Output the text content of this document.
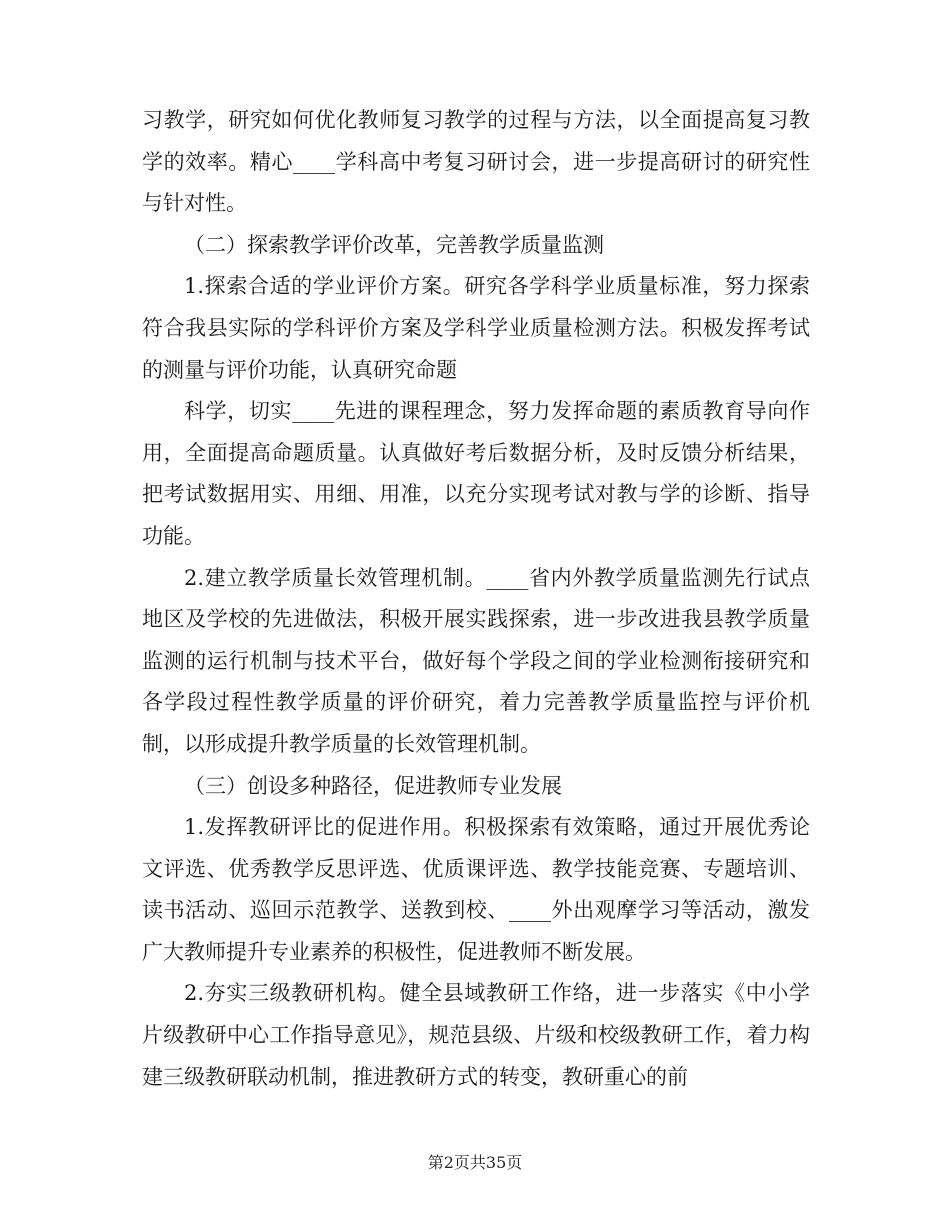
习教学，研究如何优化教师复习教学的过程与方法，以全面提高复习教学的效率。精心____学科高中考复习研讨会，进一步提高研讨的研究性与针对性。

（二）探索教学评价改革，完善教学质量监测

1.探索合适的学业评价方案。研究各学科学业质量标准，努力探索符合我县实际的学科评价方案及学科学业质量检测方法。积极发挥考试的测量与评价功能，认真研究命题

科学，切实____先进的课程理念，努力发挥命题的素质教育导向作用，全面提高命题质量。认真做好考后数据分析，及时反馈分析结果，把考试数据用实、用细、用准，以充分实现考试对教与学的诊断、指导功能。

2.建立教学质量长效管理机制。____省内外教学质量监测先行试点地区及学校的先进做法，积极开展实践探索，进一步改进我县教学质量监测的运行机制与技术平台，做好每个学段之间的学业检测衔接研究和各学段过程性教学质量的评价研究，着力完善教学质量监控与评价机制，以形成提升教学质量的长效管理机制。

（三）创设多种路径，促进教师专业发展

1.发挥教研评比的促进作用。积极探索有效策略，通过开展优秀论文评选、优秀教学反思评选、优质课评选、教学技能竞赛、专题培训、读书活动、巡回示范教学、送教到校、____外出观摩学习等活动，激发广大教师提升专业素养的积极性，促进教师不断发展。

2.夯实三级教研机构。健全县域教研工作络，进一步落实《中小学片级教研中心工作指导意见》，规范县级、片级和校级教研工作，着力构建三级教研联动机制，推进教研方式的转变，教研重心的前

第2页共35页
